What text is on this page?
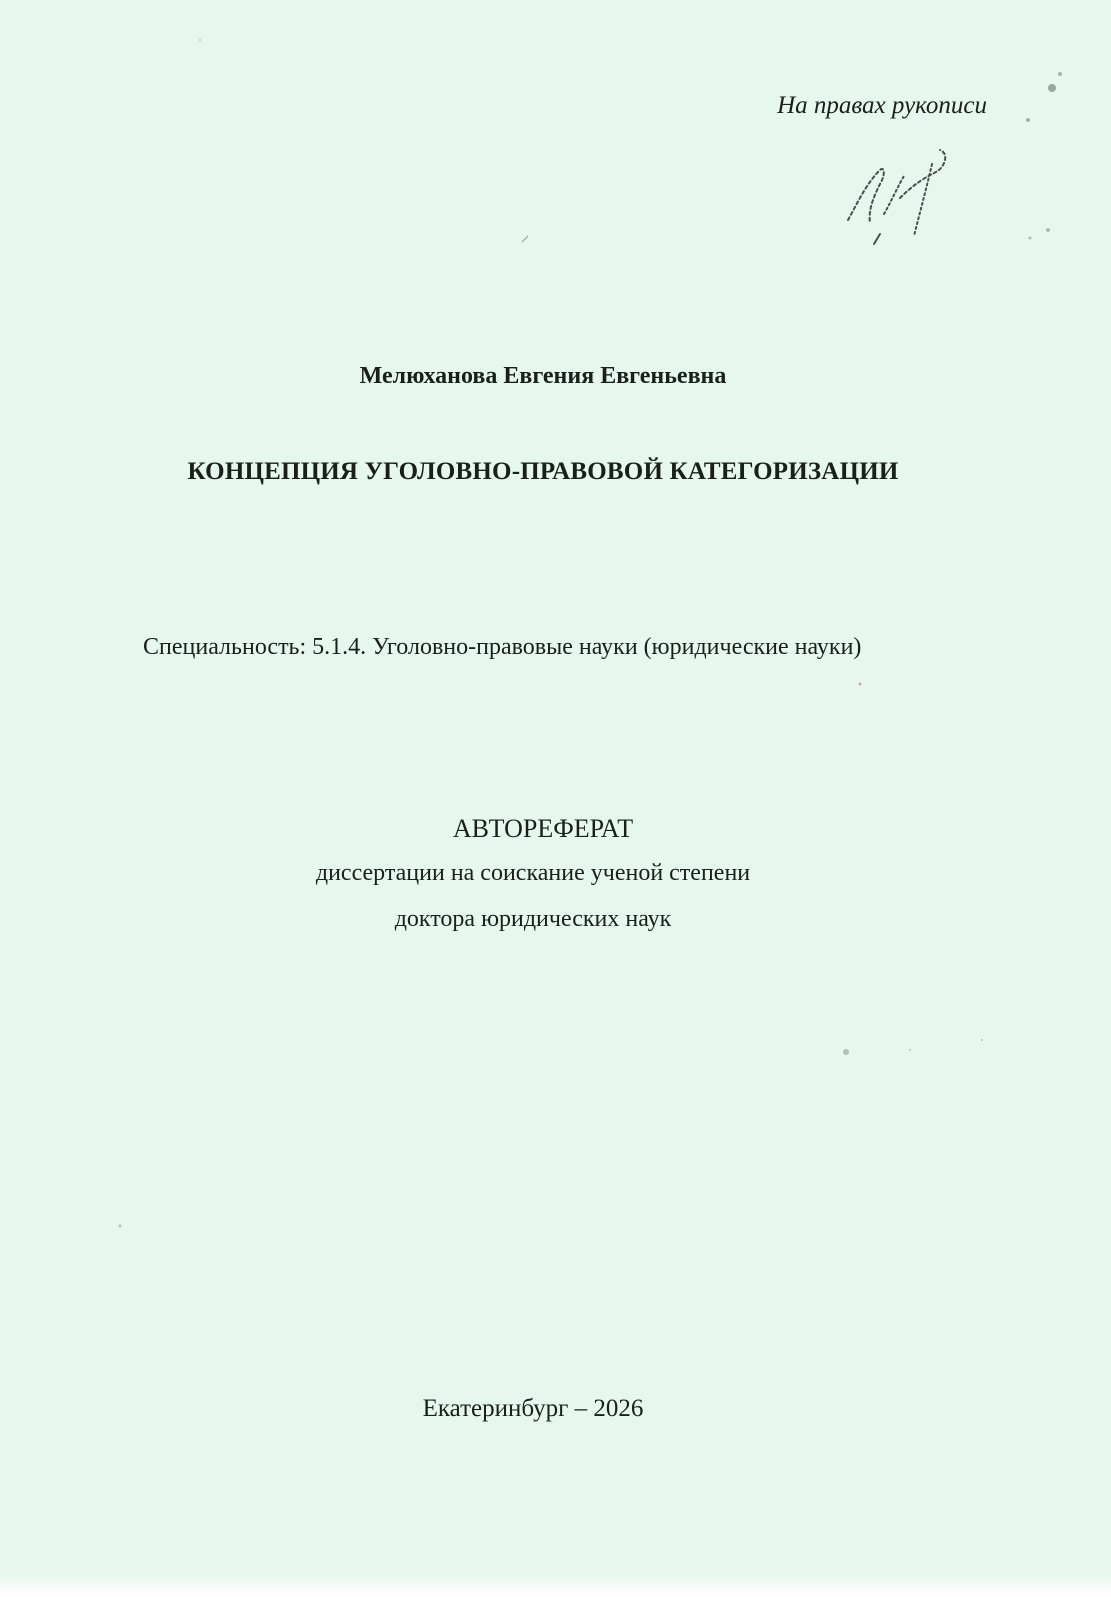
На правах рукописи
Мелюханова Евгения Евгеньевна
КОНЦЕПЦИЯ УГОЛОВНО-ПРАВОВОЙ КАТЕГОРИЗАЦИИ
Специальность: 5.1.4. Уголовно-правовые науки (юридические науки)
АВТОРЕФЕРАТ
диссертации на соискание ученой степени
доктора юридических наук
Екатеринбург – 2026
